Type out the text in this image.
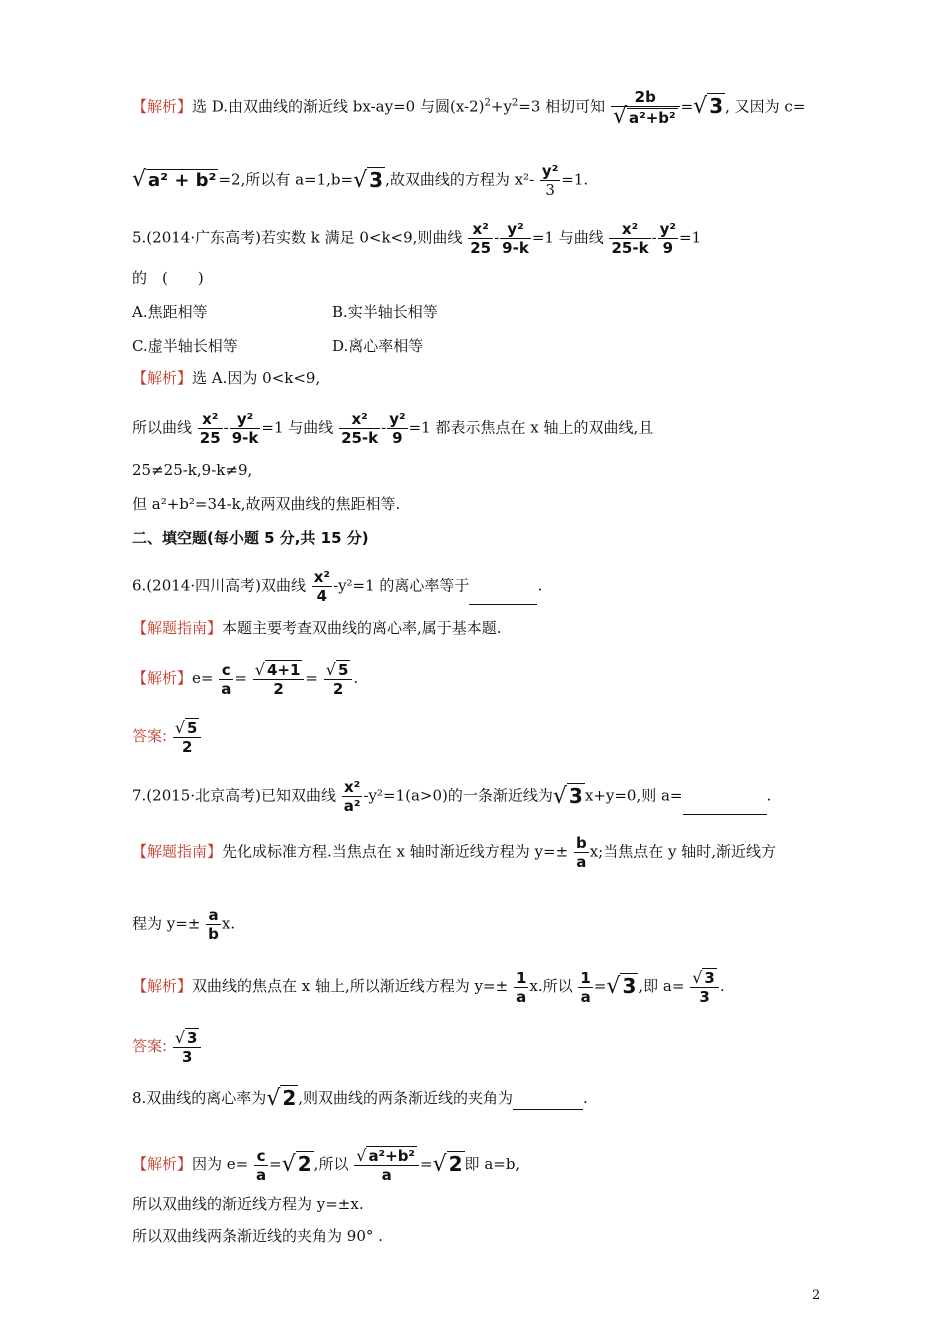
【解析】选 D.由双曲线的渐近线 bx-ay=0 与圆$(x-2)^2+y^2=3$ 相切可知 $\frac{2b}{\text{√ a²+b²}}$ =√ 3 , 又因为 c=
√ a² + b² =2,所以有 a=1,b=√ 3 ,故双曲线的方程为 $x^2- \frac{\text{y²}}{3} =1$.
5.(2014·广东高考)若实数 k 满足 0<k<9,则曲线 $\frac{\text{x²}}{25} - \frac{\text{y²}}{9-k} =1$ 与曲线 $\frac{\text{x²}}{25-k} - \frac{\text{y²}}{9} =1$
的　(　　)
A.焦距相等	B.实半轴长相等
C.虚半轴长相等	D.离心率相等
【解析】选 A.因为 0<k<9,
所以曲线 $\frac{\text{x²}}{25} - \frac{\text{y²}}{9-k} =1$ 与曲线 $\frac{\text{x²}}{25-k} - \frac{\text{y²}}{9} =1$ 都表示焦点在 x 轴上的双曲线,且
25≠25-k,9-k≠9,
但 a²+b²=34-k,故两双曲线的焦距相等.
二、填空题(每小题 5 分,共 15 分)
6.(2014·四川高考)双曲线 $\frac{\text{x²}}{4} -y^2=1$ 的离心率等于	.
【解题指南】本题主要考查双曲线的离心率,属于基本题.
【解析】$e= \frac{c}{a} = \frac{√ 4+1}{2} = \frac{√ 5}{2}$ .
答案: $\frac{√ 5}{2}$
7.(2015·北京高考)已知双曲线 $\frac{\text{x²}}{\text{a²}} -y^2=1(a>0)$的一条渐近线为√ 3 x+y=0,则 a=	.
【解题指南】先化成标准方程.当焦点在 x 轴时渐近线方程为 $y=\pm \frac{b}{a} x$;当焦点在 y 轴时,渐近线方
程为 $y=\pm \frac{a}{b} x$.
【解析】双曲线的焦点在 x 轴上,所以渐近线方程为 $y=\pm \frac{1}{a} x$.所以 $\frac{1}{a}$ =√ 3 ,即 $a= \frac{√ 3}{3}$ .
答案: $\frac{√ 3}{3}$
8.双曲线的离心率为√ 2 ,则双曲线的两条渐近线的夹角为	.
【解析】因为 $e= \frac{c}{a}$ =√ 2 ,所以 $\frac{\text{√ a²+b²}}{a}$ =√ 2 即 a=b,
所以双曲线的渐近线方程为 y=±x.
所以双曲线两条渐近线的夹角为 90° .
2
